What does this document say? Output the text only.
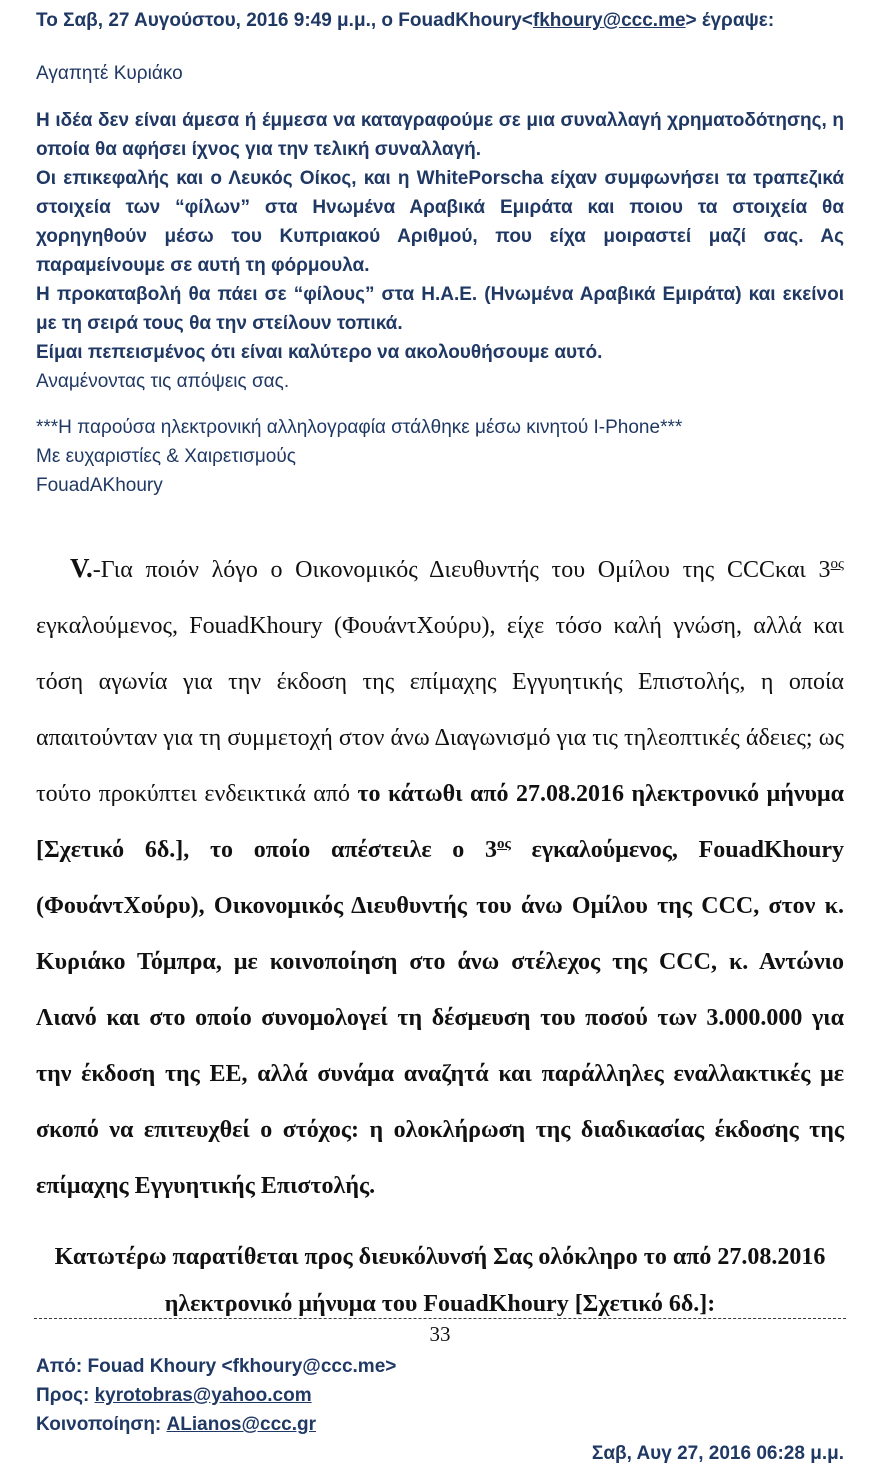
Το Σαβ, 27 Αυγούστου, 2016 9:49 μ.μ., ο FouadKhoury<fkhoury@ccc.me> έγραψε:

Αγαπητέ Κυριάκο

Η ιδέα δεν είναι άμεσα ή έμμεσα να καταγραφούμε σε μια συναλλαγή χρηματοδότησης, η οποία θα αφήσει ίχνος για την τελική συναλλαγή.

Οι επικεφαλής και ο Λευκός Οίκος, και η WhitePorscha είχαν συμφωνήσει τα τραπεζικά στοιχεία των “φίλων” στα Ηνωμένα Αραβικά Εμιράτα και ποιου τα στοιχεία θα χορηγηθούν μέσω του Κυπριακού Αριθμού, που είχα μοιραστεί μαζί σας. Ας παραμείνουμε σε αυτή τη φόρμουλα.

Η προκαταβολή θα πάει σε “φίλους” στα Η.Α.Ε. (Ηνωμένα Αραβικά Εμιράτα) και εκείνοι με τη σειρά τους θα την στείλουν τοπικά.

Είμαι πεπεισμένος ότι είναι καλύτερο να ακολουθήσουμε αυτό.

Αναμένοντας τις απόψεις σας.

***Η παρούσα ηλεκτρονική αλληλογραφία στάλθηκε μέσω κινητού I-Phone***

Με ευχαριστίες & Χαιρετισμούς

FouadAKhoury

V.-Για ποιόν λόγο ο Οικονομικός Διευθυντής του Ομίλου της CCCκαι $3^{o\varsigma}$ εγκαλούμενος, FouadKhoury (ΦουάντΧούρυ), είχε τόσο καλή γνώση, αλλά και τόση αγωνία για την έκδοση της επίμαχης Εγγυητικής Επιστολής, η οποία απαιτούνταν για τη συμμετοχή στον άνω Διαγωνισμό για τις τηλεοπτικές άδειες; ως τούτο προκύπτει ενδεικτικά από το κάτωθι από 27.08.2016 ηλεκτρονικό μήνυμα [Σχετικό 6δ.], το οποίο απέστειλε ο $3^{o\varsigma}$ εγκαλούμενος, FouadKhoury (ΦουάντΧούρυ), Οικονομικός Διευθυντής του άνω Ομίλου της CCC, στον κ. Κυριάκο Τόμπρα, με κοινοποίηση στο άνω στέλεχος της CCC, κ. Αντώνιο Λιανό και στο οποίο συνομολογεί τη δέσμευση του ποσού των 3.000.000 για την έκδοση της ΕΕ, αλλά συνάμα αναζητά και παράλληλες εναλλακτικές με σκοπό να επιτευχθεί ο στόχος: η ολοκλήρωση της διαδικασίας έκδοσης της επίμαχης Εγγυητικής Επιστολής.

Κατωτέρω παρατίθεται προς διευκόλυνσή Σας ολόκληρο το από 27.08.2016 ηλεκτρονικό μήνυμα του FouadKhoury [Σχετικό 6δ.]:

Από: Fouad Khoury <fkhoury@ccc.me>

Προς: kyrotobras@yahoo.com

Κοινοποίηση: ALianos@ccc.gr

Σαβ, Αυγ 27, 2016 06:28 μ.μ.

33
